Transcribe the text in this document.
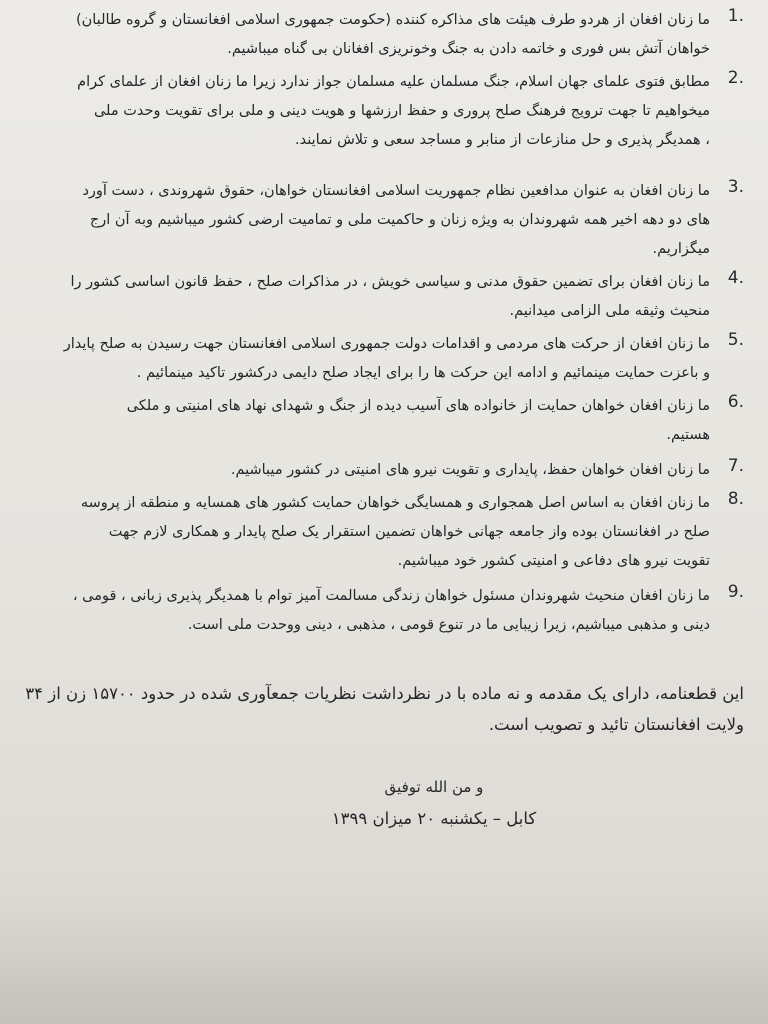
1.
ما زنان افغان از هردو طرف هیئت های مذاکره کننده (حکومت جمهوری اسلامی افغانستان و گروه طالبان)
خواهان آتش بس فوری و خاتمه دادن به جنگ وخونریزی افغانان بی گناه میباشیم.
2.
مطابق فتوی علمای جهان اسلام، جنگ مسلمان علیه مسلمان جواز ندارد زیرا ما زنان افغان از علمای کرام
میخواهیم تا جهت ترویج فرهنگ صلح پروری و حفظ ارزشها و هویت دینی و ملی برای تقویت وحدت ملی
، همدیگر پذیری و حل منازعات از منابر و مساجد سعی و تلاش نمایند.
3.
ما زنان افغان به عنوان مدافعین نظام جمهوریت اسلامی افغانستان خواهان، حقوق شهروندی ، دست آورد
های دو دهه اخیر همه شهروندان به ویژه زنان و حاکمیت ملی و تمامیت ارضی کشور میباشیم وبه آن ارج
میگزاریم.
4.
ما زنان افغان برای تضمین حقوق مدنی و سیاسی خویش ، در مذاکرات صلح ، حفظ قانون اساسی کشور را
منحیث وثیقه ملی الزامی میدانیم.
5.
ما زنان افغان از حرکت های مردمی و اقدامات دولت جمهوری اسلامی افغانستان جهت رسیدن به صلح پایدار
و باعزت حمایت مینمائیم و ادامه این حرکت ها را برای ایجاد صلح دایمی درکشور تاکید مینمائیم .
6.
ما زنان افغان خواهان حمایت از خانواده های آسیب دیده از جنگ و شهدای نهاد های امنیتی و ملکی
هستیم.
7.
ما زنان افغان خواهان حفظ، پایداری و تقویت نیرو های امنیتی در کشور میباشیم.
8.
ما زنان افغان به اساس اصل همجواری و همسایگی خواهان حمایت کشور های همسایه و منطقه از پروسه
صلح در افغانستان بوده واز جامعه جهانی خواهان تضمین استقرار یک صلح پایدار و همکاری لازم جهت
تقویت نیرو های دفاعی و امنیتی کشور خود میباشیم.
9.
ما زنان افغان منحیث شهروندان مسئول خواهان زندگی مسالمت آمیز توام با همدیگر پذیری زبانی ، قومی ،
دینی و مذهبی میباشیم، زیرا زیبایی ما در تنوع قومی ، مذهبی ، دینی ووحدت ملی است.
این قطعنامه، دارای یک مقدمه و نه ماده با در نظرداشت نظریات جمعآوری شده در حدود ۱۵۷۰۰ زن از ۳۴
ولایت افغانستان تائید و تصویب است.
و من الله توفیق
کابل – یکشنبه ۲۰ میزان ۱۳۹۹
